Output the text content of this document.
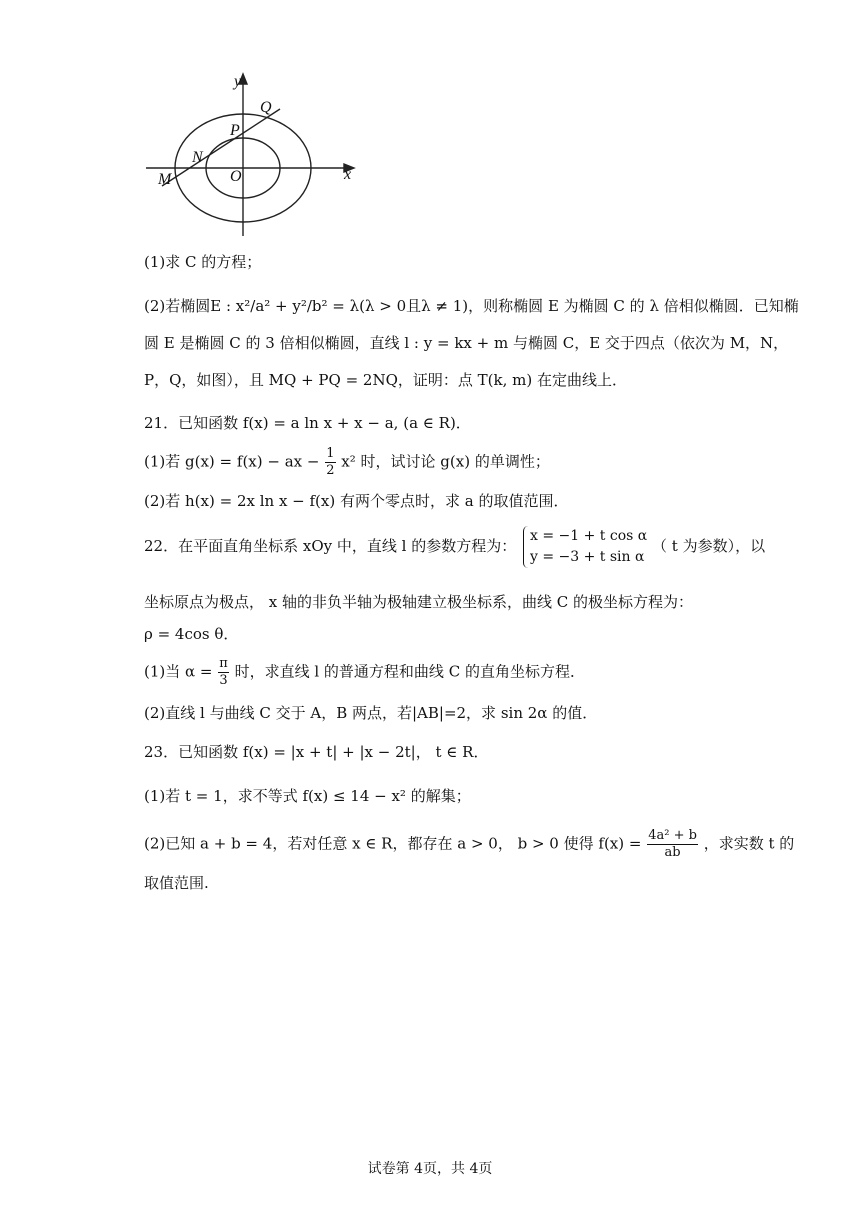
y
x
Q
P
N
M	O
(1)求 C 的方程；
(2)若椭圆E : x²/a² + y²/b² = λ(λ > 0且λ ≠ 1)，则称椭圆 E 为椭圆 C 的 λ 倍相似椭圆．已知椭
圆 E 是椭圆 C 的 3 倍相似椭圆，直线 l : y = kx + m 与椭圆 C，E 交于四点（依次为 M，N，
P，Q，如图），且 MQ + PQ = 2NQ，证明：点 T(k, m) 在定曲线上．
21．已知函数 f(x) = a ln x + x − a, (a ∈ R)．
(1)若 g(x) = f(x) − ax − $\frac{1}{2} x^2$ 时，试讨论 g(x) 的单调性；
(2)若 h(x) = 2x ln x − f(x) 有两个零点时，求 a 的取值范围．
22．在平面直角坐标系 xOy 中，直线 l 的参数方程为：
x = −1 + t cos α
y = −3 + t sin α
（ t 为参数），以
坐标原点为极点， x 轴的非负半轴为极轴建立极坐标系，曲线 C 的极坐标方程为：
ρ = 4cos θ．
(1)当 $\alpha = \frac{\pi}{3}$ 时，求直线 l 的普通方程和曲线 C 的直角坐标方程．
(2)直线 l 与曲线 C 交于 A，B 两点，若|AB|=2，求 sin 2α 的值．
23．已知函数 f(x) = |x + t| + |x − 2t|， t ∈ R．
(1)若 t = 1，求不等式 f(x) ≤ 14 − x² 的解集；
(2)已知 a + b = 4，若对任意 x ∈ R，都存在 a > 0， b > 0 使得 $f(x) = \frac{\text{4a² + b}}{ab}$ ，求实数 t 的
取值范围.
试卷第 4页，共 4页
